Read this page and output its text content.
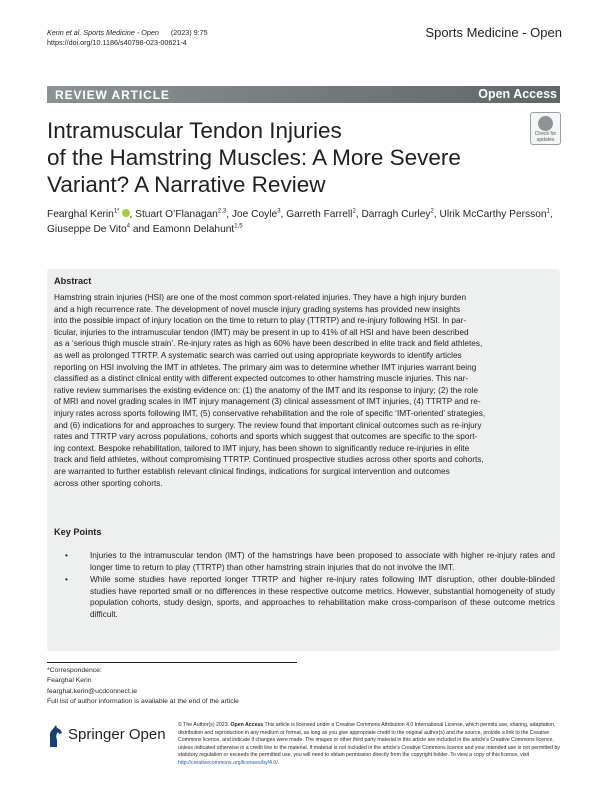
Kerin et al. Sports Medicine - Open (2023) 9:75
https://doi.org/10.1186/s40798-023-00621-4
Sports Medicine - Open
REVIEW ARTICLE	Open Access
Check for
updates
Intramuscular Tendon Injuries
of the Hamstring Muscles: A More Severe
Variant? A Narrative Review
Fearghal Kerin$^{1*}$ , Stuart O’Flanagan$^{2,3}$, Joe Coyle$^3$, Garreth Farrell$^2$, Darragh Curley$^2$, Ulrik McCarthy Persson$^1$,
Giuseppe De Vito$^4$ and Eamonn Delahunt$^{1,5}$
Abstract
Hamstring strain injuries (HSI) are one of the most common sport-related injuries. They have a high injury burden
and a high recurrence rate. The development of novel muscle injury grading systems has provided new insights
into the possible impact of injury location on the time to return to play (TTRTP) and re-injury following HSI. In par-
ticular, injuries to the intramuscular tendon (IMT) may be present in up to 41% of all HSI and have been described
as a ‘serious thigh muscle strain’. Re-injury rates as high as 60% have been described in elite track and field athletes,
as well as prolonged TTRTP. A systematic search was carried out using appropriate keywords to identify articles
reporting on HSI involving the IMT in athletes. The primary aim was to determine whether IMT injuries warrant being
classified as a distinct clinical entity with different expected outcomes to other hamstring muscle injuries. This nar-
rative review summarises the existing evidence on: (1) the anatomy of the IMT and its response to injury; (2) the role
of MRI and novel grading scales in IMT injury management (3) clinical assessment of IMT injuries, (4) TTRTP and re-
injury rates across sports following IMT, (5) conservative rehabilitation and the role of specific ‘IMT-oriented’ strategies,
and (6) indications for and approaches to surgery. The review found that important clinical outcomes such as re-injury
rates and TTRTP vary across populations, cohorts and sports which suggest that outcomes are specific to the sport-
ing context. Bespoke rehabilitation, tailored to IMT injury, has been shown to significantly reduce re-injuries in elite
track and field athletes, without compromising TTRTP. Continued prospective studies across other sports and cohorts,
are warranted to further establish relevant clinical findings, indications for surgical intervention and outcomes
across other sporting cohorts.
Key Points
• Injuries to the intramuscular tendon (IMT) of the hamstrings have been proposed to associate with higher re-injury rates and longer time to return to play (TTRTP) than other hamstring strain injuries that do not involve the IMT.
• While some studies have reported longer TTRTP and higher re-injury rates following IMT disruption, other double-blinded studies have reported small or no differences in these respective outcome metrics. However, substantial homogeneity of study population cohorts, study design, sports, and approaches to rehabilitation make cross-comparison of these outcome metrics difficult.
*Correspondence:
Fearghal Kerin
fearghal.kerin@ucdconnect.ie
Full list of author information is available at the end of the article
Springer Open
© The Author(s) 2023. Open Access This article is licensed under a Creative Commons Attribution 4.0 International License, which permits use, sharing, adaptation, distribution and reproduction in any medium or format, as long as you give appropriate credit to the original author(s) and the source, provide a link to the Creative Commons licence, and indicate if changes were made. The images or other third party material in this article are included in the article’s Creative Commons licence, unless indicated otherwise in a credit line to the material. If material is not included in the article’s Creative Commons licence and your intended use is not permitted by statutory regulation or exceeds the permitted use, you will need to obtain permission directly from the copyright holder. To view a copy of this licence, visit http://creativecommons.org/licenses/by/4.0/.
